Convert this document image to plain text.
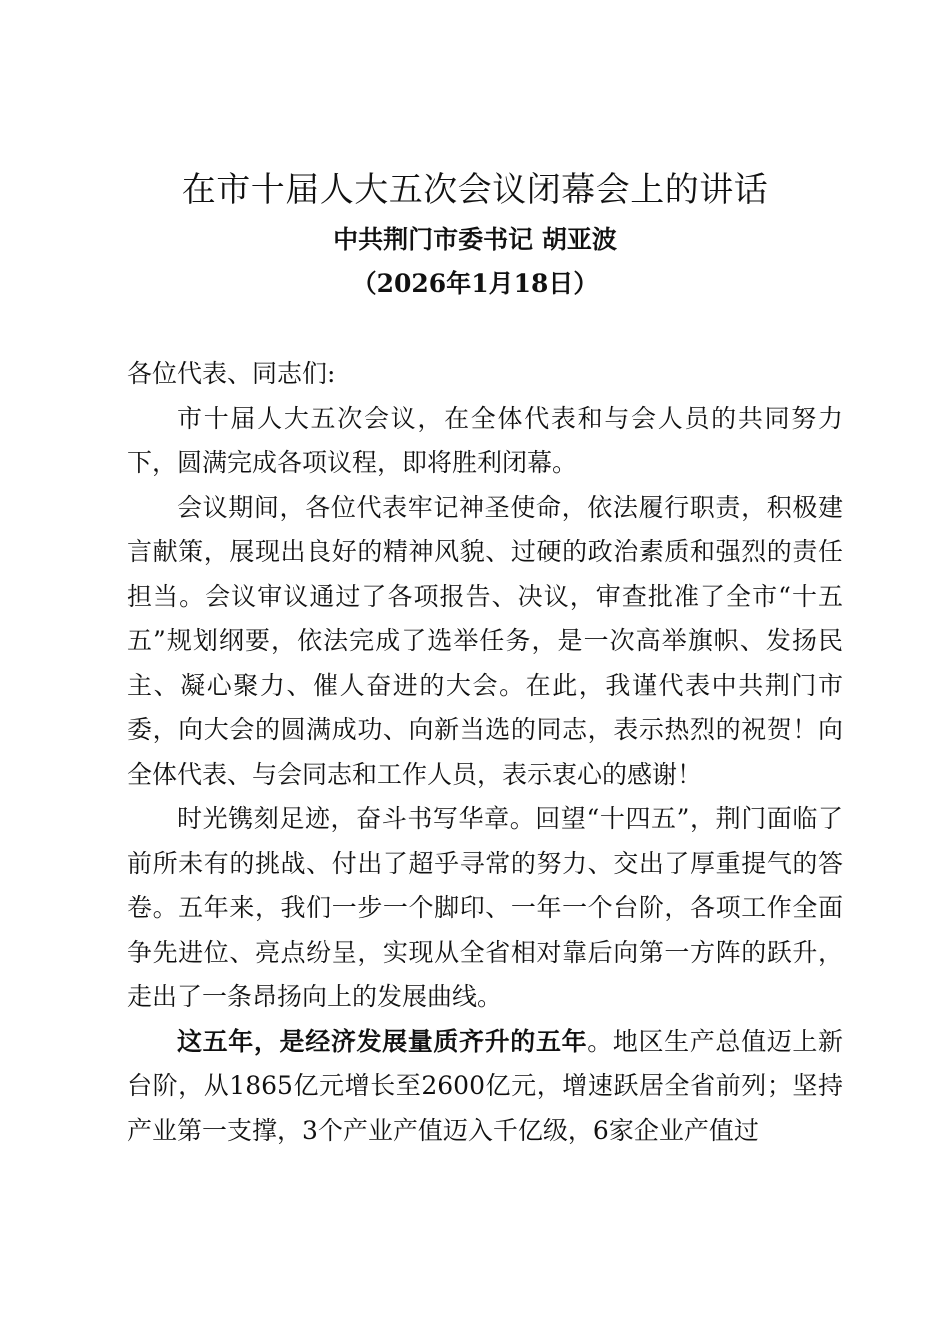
在市十届人大五次会议闭幕会上的讲话
中共荆门市委书记 胡亚波
（2026年1月18日）

各位代表、同志们:

市十届人大五次会议，在全体代表和与会人员的共同努力下，圆满完成各项议程，即将胜利闭幕。

会议期间，各位代表牢记神圣使命，依法履行职责，积极建言献策，展现出良好的精神风貌、过硬的政治素质和强烈的责任担当。会议审议通过了各项报告、决议，审查批准了全市“十五五”规划纲要，依法完成了选举任务，是一次高举旗帜、发扬民主、凝心聚力、催人奋进的大会。在此，我谨代表中共荆门市委，向大会的圆满成功、向新当选的同志，表示热烈的祝贺！向全体代表、与会同志和工作人员，表示衷心的感谢！

时光镌刻足迹，奋斗书写华章。回望“十四五”，荆门面临了前所未有的挑战、付出了超乎寻常的努力、交出了厚重提气的答卷。五年来，我们一步一个脚印、一年一个台阶，各项工作全面争先进位、亮点纷呈，实现从全省相对靠后向第一方阵的跃升，走出了一条昂扬向上的发展曲线。

这五年，是经济发展量质齐升的五年。地区生产总值迈上新台阶，从1865亿元增长至2600亿元，增速跃居全省前列；坚持产业第一支撑，3个产业产值迈入千亿级，6家企业产值过
